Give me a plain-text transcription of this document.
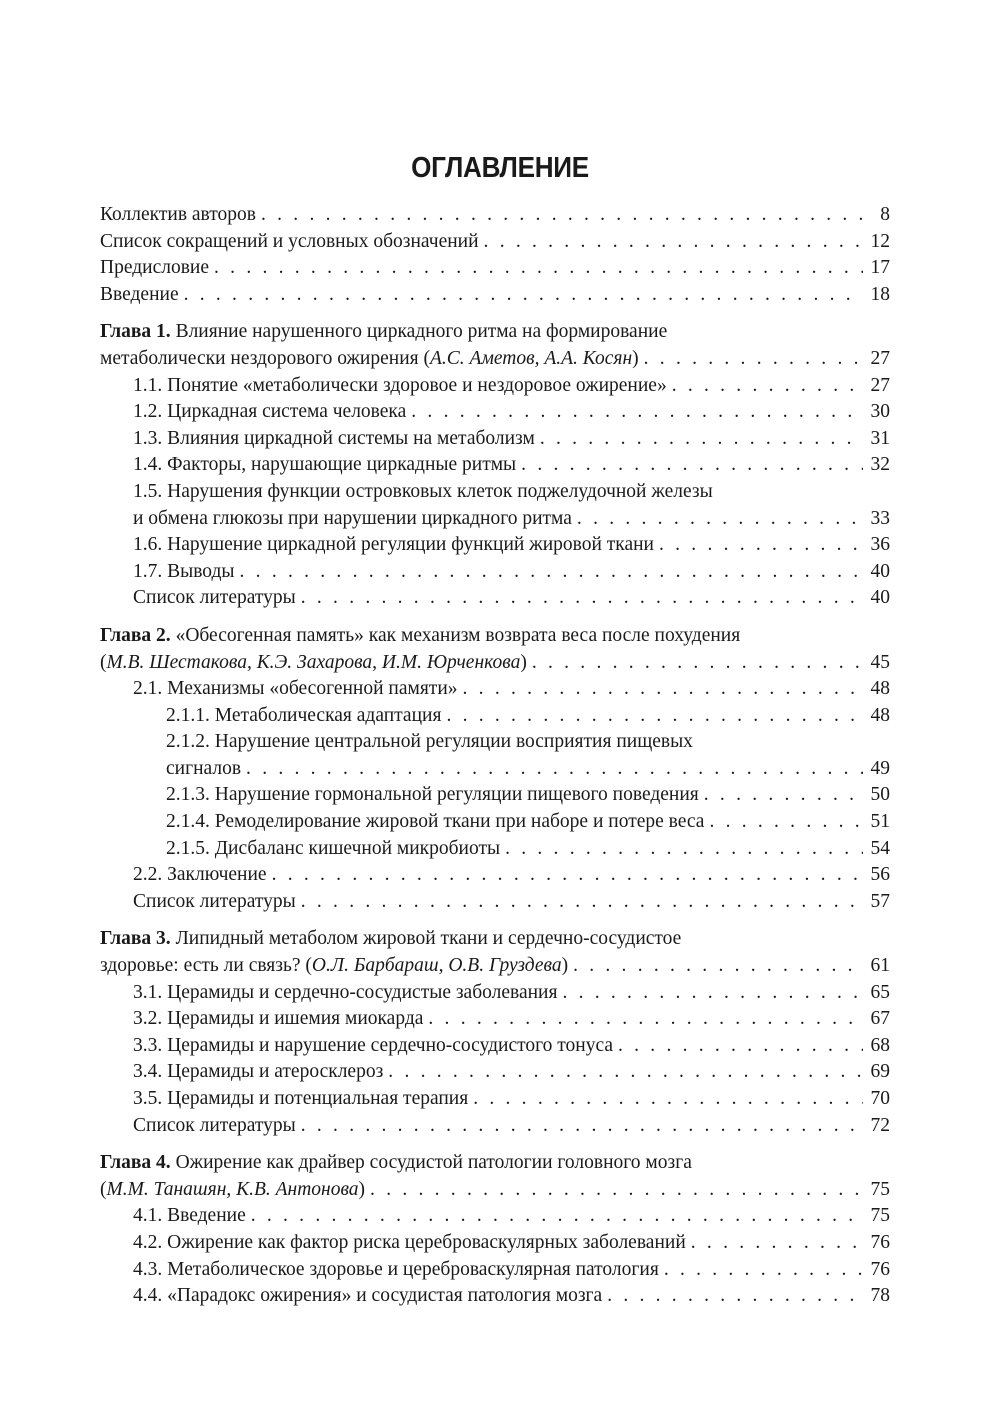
ОГЛАВЛЕНИЕ
Коллектив авторов . . .	8
Список сокращений и условных обозначений . . .	12
Предисловие . . .	17
Введение . . .	18
Глава 1. Влияние нарушенного циркадного ритма на формирование
метаболически нездорового ожирения (А.С. Аметов, А.А. Косян) . . .	27
1.1. Понятие «метаболически здоровое и нездоровое ожирение» . . .	27
1.2. Циркадная система человека . . .	30
1.3. Влияния циркадной системы на метаболизм . . .	31
1.4. Факторы, нарушающие циркадные ритмы . . .	32
1.5. Нарушения функции островковых клеток поджелудочной железы
и обмена глюкозы при нарушении циркадного ритма . . .	33
1.6. Нарушение циркадной регуляции функций жировой ткани . . .	36
1.7. Выводы . . .	40
Список литературы . . .	40
Глава 2. «Обесогенная память» как механизм возврата веса после похудения
(М.В. Шестакова, К.Э. Захарова, И.М. Юрченкова) . . .	45
2.1. Механизмы «обесогенной памяти» . . .	48
2.1.1. Метаболическая адаптация . . .	48
2.1.2. Нарушение центральной регуляции восприятия пищевых
сигналов . . .	49
2.1.3. Нарушение гормональной регуляции пищевого поведения . . .	50
2.1.4. Ремоделирование жировой ткани при наборе и потере веса . . .	51
2.1.5. Дисбаланс кишечной микробиоты . . .	54
2.2. Заключение . . .	56
Список литературы . . .	57
Глава 3. Липидный метаболом жировой ткани и сердечно-сосудистое
здоровье: есть ли связь? (О.Л. Барбараш, О.В. Груздева) . . .	61
3.1. Церамиды и сердечно-сосудистые заболевания . . .	65
3.2. Церамиды и ишемия миокарда . . .	67
3.3. Церамиды и нарушение сердечно-сосудистого тонуса . . .	68
3.4. Церамиды и атеросклероз . . .	69
3.5. Церамиды и потенциальная терапия . . .	70
Список литературы . . .	72
Глава 4. Ожирение как драйвер сосудистой патологии головного мозга
(М.М. Танашян, К.В. Антонова) . . .	75
4.1. Введение . . .	75
4.2. Ожирение как фактор риска цереброваскулярных заболеваний . . .	76
4.3. Метаболическое здоровье и цереброваскулярная патология . . .	76
4.4. «Парадокс ожирения» и сосудистая патология мозга . . .	78
